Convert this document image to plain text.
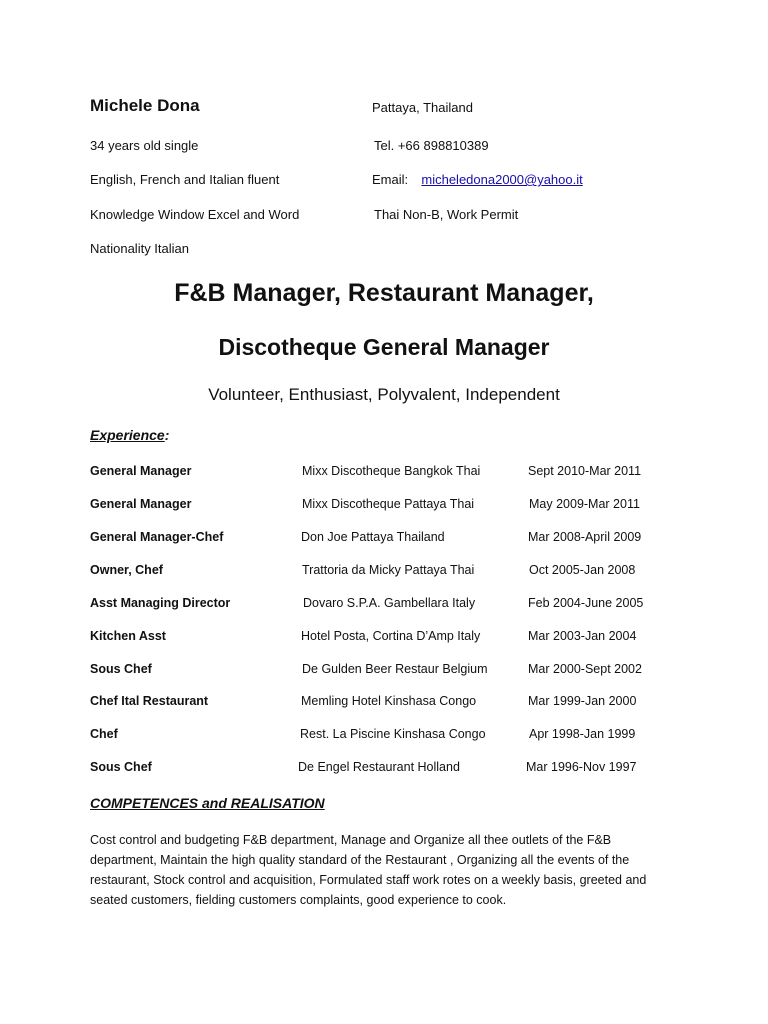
Michele Dona	Pattaya, Thailand
34 years old single	Tel. +66 898810389
English, French and Italian fluent	Email: micheledona2000@yahoo.it
Knowledge Window Excel and Word	Thai Non-B, Work Permit
Nationality Italian
F&B Manager, Restaurant Manager,
Discotheque General Manager
Volunteer, Enthusiast, Polyvalent, Independent
Experience:
General Manager	Mixx Discotheque Bangkok Thai	Sept 2010-Mar 2011
General Manager	Mixx Discotheque Pattaya Thai	May 2009-Mar 2011
General Manager-Chef	Don Joe Pattaya Thailand	Mar 2008-April 2009
Owner, Chef	Trattoria da Micky Pattaya Thai	Oct 2005-Jan 2008
Asst Managing Director	Dovaro S.P.A. Gambellara Italy	Feb 2004-June 2005
Kitchen Asst	Hotel Posta, Cortina D’Amp Italy	Mar 2003-Jan 2004
Sous Chef	De Gulden Beer Restaur Belgium	Mar 2000-Sept 2002
Chef Ital Restaurant	Memling Hotel Kinshasa Congo	Mar 1999-Jan 2000
Chef	Rest. La Piscine Kinshasa Congo	Apr 1998-Jan 1999
Sous Chef	De Engel Restaurant Holland	Mar 1996-Nov 1997
COMPETENCES and REALISATION
Cost control and budgeting F&B department, Manage and Organize all thee outlets of the F&B department, Maintain the high quality standard of the Restaurant , Organizing all the events of the restaurant, Stock control and acquisition, Formulated staff work rotes on a weekly basis, greeted and seated customers, fielding customers complaints, good experience to cook.
